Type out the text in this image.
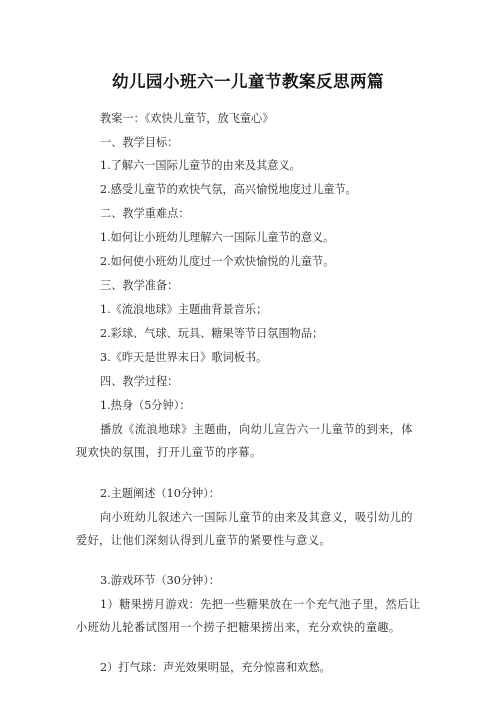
幼儿园小班六一儿童节教案反思两篇
教案一：《欢快儿童节，放飞童心》
一、教学目标：
1.了解六一国际儿童节的由来及其意义。
2.感受儿童节的欢快气氛，高兴愉悦地度过儿童节。
二、教学重难点：
1.如何让小班幼儿理解六一国际儿童节的意义。
2.如何使小班幼儿度过一个欢快愉悦的儿童节。
三、教学准备：
1.《流浪地球》主题曲背景音乐；
2.彩球、气球、玩具、糖果等节日氛围物品；
3.《昨天是世界末日》歌词板书。
四、教学过程：
1.热身（5分钟）：
播放《流浪地球》主题曲，向幼儿宣告六一儿童节的到来，体现欢快的氛围，打开儿童节的序幕。
2.主题阐述（10分钟）：
向小班幼儿叙述六一国际儿童节的由来及其意义，吸引幼儿的爱好，让他们深刻认得到儿童节的紧要性与意义。
3.游戏环节（30分钟）：
1）糖果捞月游戏：先把一些糖果放在一个充气池子里，然后让小班幼儿轮番试图用一个捞子把糖果捞出来，充分欢快的童趣。
2）打气球：声光效果明显，充分惊喜和欢愁。
